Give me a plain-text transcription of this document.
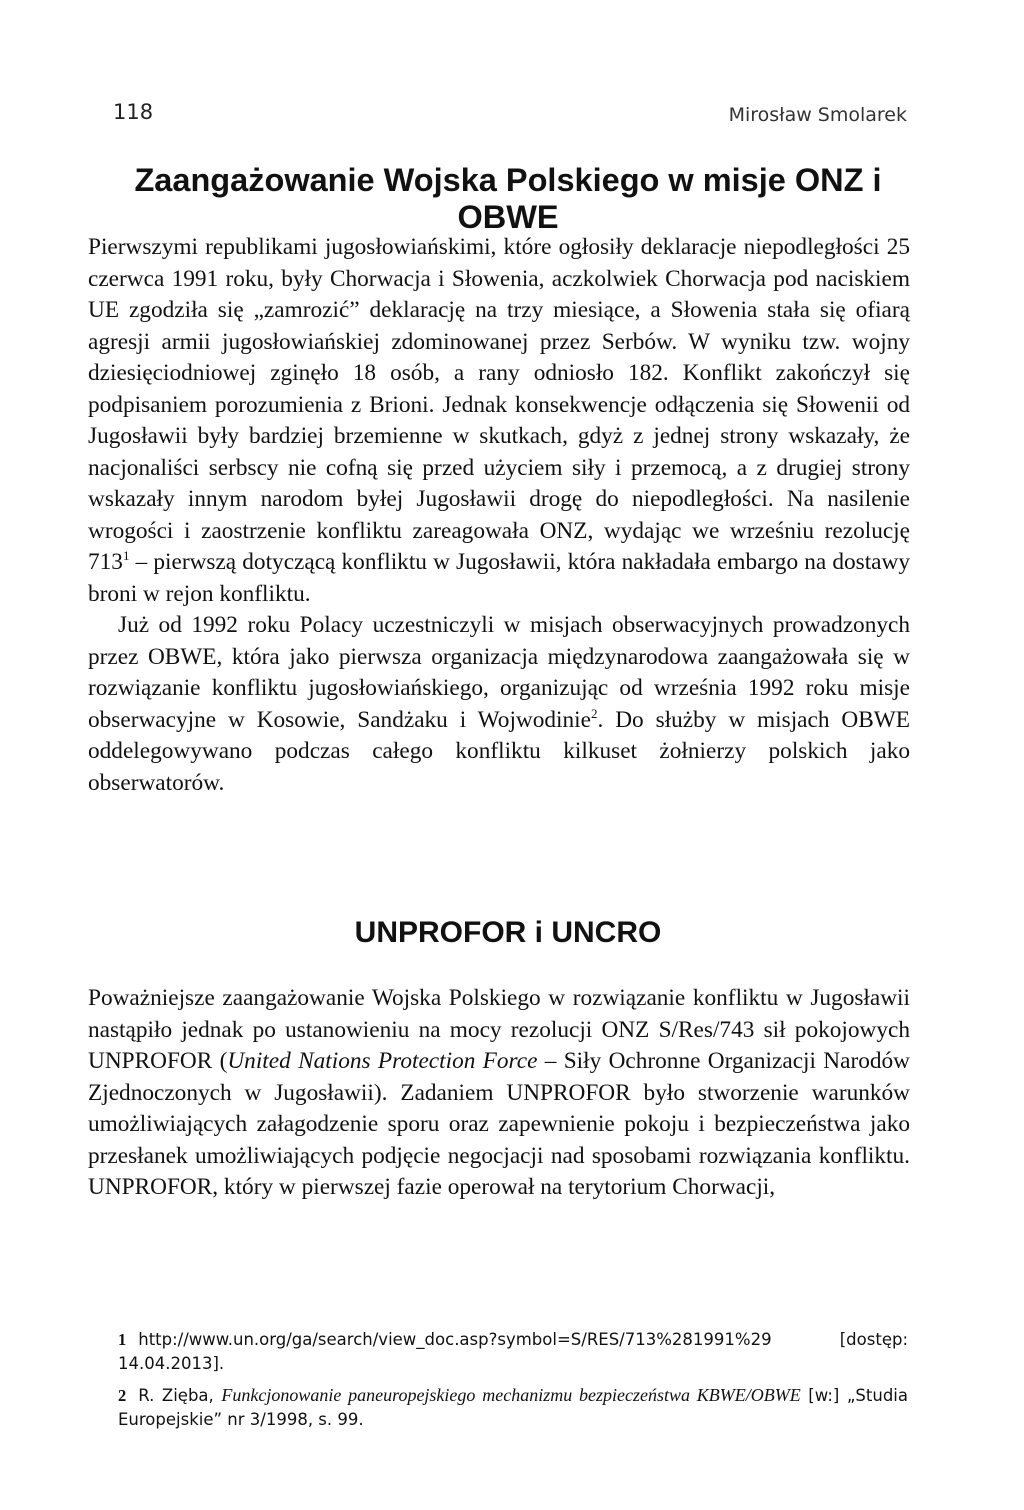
118	Mirosław Smolarek
Zaangażowanie Wojska Polskiego w misje ONZ i OBWE

Pierwszymi republikami jugosłowiańskimi, które ogłosiły deklaracje niepodległości 25 czerwca 1991 roku, były Chorwacja i Słowenia, aczkolwiek Chorwacja pod naciskiem UE zgodziła się „zamrozić” deklarację na trzy miesiące, a Słowenia stała się ofiarą agresji armii jugosłowiańskiej zdominowanej przez Serbów. W wyniku tzw. wojny dziesięciodniowej zginęło 18 osób, a rany odniosło 182. Konflikt zakończył się podpisaniem porozumienia z Brioni. Jednak konsekwencje odłączenia się Słowenii od Jugosławii były bardziej brzemienne w skutkach, gdyż z jednej strony wskazały, że nacjonaliści serbscy nie cofną się przed użyciem siły i przemocą, a z drugiej strony wskazały innym narodom byłej Jugosławii drogę do niepodległości. Na nasilenie wrogości i zaostrzenie konfliktu zareagowała ONZ, wydając we wrześniu rezolucję $713^1$ – pierwszą dotyczącą konfliktu w Jugosławii, która nakładała embargo na dostawy broni w rejon konfliktu.

Już od 1992 roku Polacy uczestniczyli w misjach obserwacyjnych prowadzonych przez OBWE, która jako pierwsza organizacja międzynarodowa zaangażowała się w rozwiązanie konfliktu jugosłowiańskiego, organizując od września 1992 roku misje obserwacyjne w Kosowie, Sandżaku i Wojwodinie$^2$. Do służby w misjach OBWE oddelegowywano podczas całego konfliktu kilkuset żołnierzy polskich jako obserwatorów.

UNPROFOR i UNCRO

Poważniejsze zaangażowanie Wojska Polskiego w rozwiązanie konfliktu w Jugosławii nastąpiło jednak po ustanowieniu na mocy rezolucji ONZ S/Res/743 sił pokojowych UNPROFOR (United Nations Protection Force – Siły Ochronne Organizacji Narodów Zjednoczonych w Jugosławii). Zadaniem UNPROFOR było stworzenie warunków umożliwiających załagodzenie sporu oraz zapewnienie pokoju i bezpieczeństwa jako przesłanek umożliwiających podjęcie negocjacji nad sposobami rozwiązania konfliktu. UNPROFOR, który w pierwszej fazie operował na terytorium Chorwacji,

1 http://www.un.org/ga/search/view_doc.asp?symbol=S/RES/713%281991%29 [dostęp: 14.04.2013].

2 R. Zięba, Funkcjonowanie paneuropejskiego mechanizmu bezpieczeństwa KBWE/OBWE [w:] „Studia Europejskie” nr 3/1998, s. 99.
